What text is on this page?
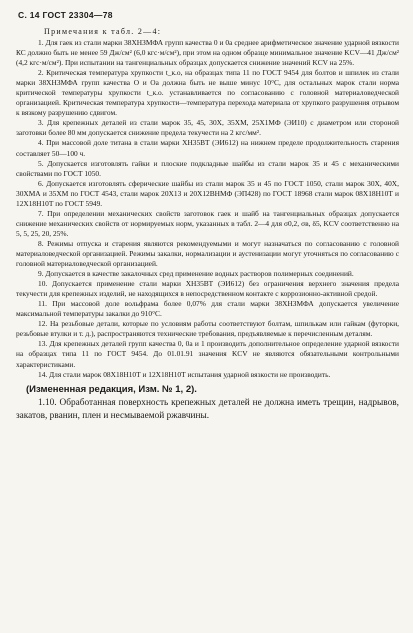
С. 14 ГОСТ 23304—78
Примечания к табл. 2—4:

1. Для гаек из стали марки 38ХНЗМФА групп качества 0 и 0а среднее арифметическое значение ударной вязкости КС должно быть не менее 59 Дж/см² (6,0 кгс·м/см²), при этом на одном образце минимальное значение KCV—41 Дж/см² (4,2 кгс·м/см²). При испытании на тангенциальных образцах допускается снижение значений KCV на 25%.

2. Критическая температура хрупкости t_к.о, на образцах типа 11 по ГОСТ 9454 для болтов и шпилек из стали марки 38ХНЗМФА групп качества О и Оа должна быть не выше минус 10°С, для остальных марок стали норма критической температуры хрупкости t_к.о. устанавливается по согласованию с головной материаловедческой организацией. Критическая температура хрупкости—температура перехода материала от хрупкого разрушения отрывом к вязкому разрушению сдвигом.

3. Для крепежных деталей из стали марок 35, 45, 30Х, 35ХМ, 25Х1МФ (ЭИ10) с диаметром или стороной заготовки более 80 мм допускается снижение предела текучести на 2 кгс/мм².

4. При массовой доле титана в стали марки ХН35ВТ (ЭИ612) на нижнем пределе продолжительность старения составляет 50—100 ч.

5. Допускается изготовлять гайки и плоские подкладные шайбы из стали марок 35 и 45 с механическими свойствами по ГОСТ 1050.

6. Допускается изготовлять сферические шайбы из стали марок 35 и 45 по ГОСТ 1050, стали марок 30Х, 40Х, 30ХМА и 35ХМ по ГОСТ 4543, стали марок 20Х13 и 20Х12ВНМФ (ЭП428) по ГОСТ 18968 стали марок 08Х18Н10Т и 12Х18Н10Т по ГОСТ 5949.

7. При определении механических свойств заготовок гаек и шайб на тангенциальных образцах допускается снижение механических свойств от нормируемых норм, указанных в табл. 2—4 для σ0,2, σв, δ5, KCV соответственно на 5, 5, 25, 20, 25%.

8. Режимы отпуска и старения являются рекомендуемыми и могут назначаться по согласованию с головной материаловедческой организацией. Режимы закалки, нормализации и аустенизации могут уточняться по согласованию с головной материаловедческой организацией.

9. Допускается в качестве закалочных сред применение водных растворов полимерных соединений.

10. Допускается применение стали марки ХН35ВТ (ЭИ612) без ограничения верхнего значения предела текучести для крепежных изделий, не находящихся в непосредственном контакте с коррозионно-активной средой.

11. При массовой доле вольфрама более 0,07% для стали марки 38ХНЗМФА допускается увеличение максимальной температуры закалки до 910°С.

12. На резьбовые детали, которые по условиям работы соответствуют болтам, шпилькам или гайкам (футорки, резьбовые втулки и т. д.), распространяются технические требования, предъявляемые к перечисленным деталям.

13. Для крепежных деталей групп качества 0, 0а и 1 производить дополнительное определение ударной вязкости на образцах типа 11 по ГОСТ 9454. До 01.01.91 значения KCV не являются обязательными контрольными характеристиками.

14. Для стали марок 08Х18Н10Т и 12Х18Н10Т испытания ударной вязкости не производить.

(Измененная редакция, Изм. № 1, 2).

1.10. Обработанная поверхность крепежных деталей не должна иметь трещин, надрывов, закатов, рванин, плен и несмываемой ржавчины.
